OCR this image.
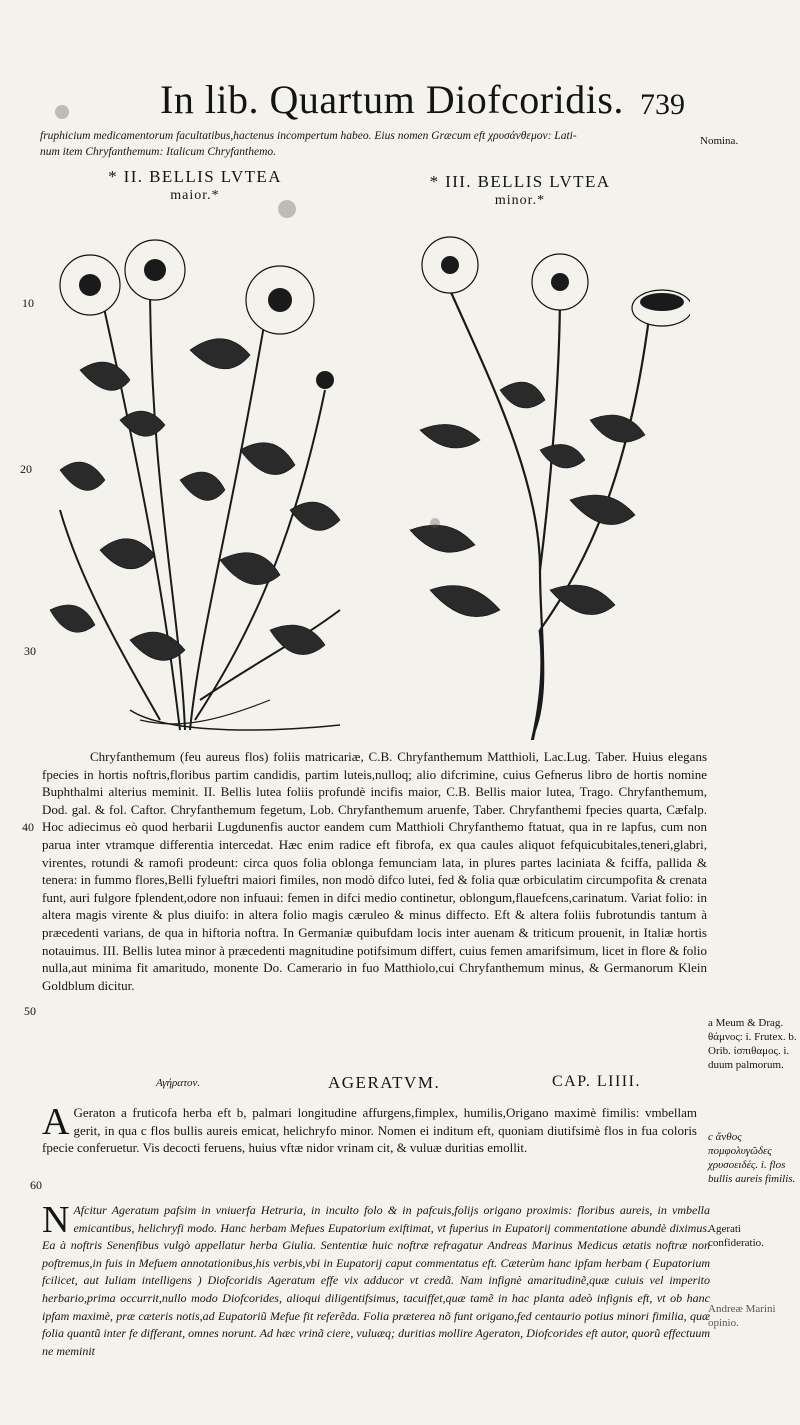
In lib. Quartum Diofcoridis. 739
Nomina.
fruphicium medicamentorum facultatibus,hactenus incompertum habeo. Eius nomen Græcum eft χρυσάνθεμον: Lati-
num item Chryfanthemum: Italicum Chryfanthemo.
* II. BELLIS LVTEA
maior.*
* III. BELLIS LVTEA
minor.*
10
20
30
40
50
60
Chryfanthemum (feu aureus flos) foliis matricariæ, C.B. Chryfanthemum Matthioli, Lac.Lug. Taber. Huius elegans fpecies in hortis noftris,floribus partim candidis, partim luteis,nulloq; alio difcrimine, cuius Gefnerus libro de hortis nomine Buphthalmi alterius meminit. II. Bellis lutea foliis profundè incifis maior, C.B. Bellis maior lutea, Trago. Chryfanthemum, Dod. gal. & fol. Caftor. Chryfanthemum fegetum, Lob. Chryfanthemum aruenfe, Taber. Chryfanthemi fpecies quarta, Cæfalp. Hoc adiecimus eò quod herbarii Lugdunenfis auctor eandem cum Matthioli Chryfanthemo ftatuat, qua in re lapfus, cum non parua inter vtramque differentia intercedat. Hæc enim radice eft fibrofa, ex qua caules aliquot fefquicubitales,teneri,glabri, virentes, rotundi & ramofi prodeunt: circa quos folia oblonga femunciam lata, in plures partes laciniata & fciffa, pallida & tenera: in fummo flores,Belli fylueftri maiori fimiles, non modò difco lutei, fed & folia quæ orbiculatim circumpofita & crenata funt, auri fulgore fplendent,odore non infuaui: femen in difci medio continetur, oblongum,flauefcens,carinatum. Variat folio: in altera magis virente & plus diuifo: in altera folio magis cæruleo & minus diffecto. Eft & altera foliis fubrotundis tantum à præcedenti varians, de qua in hiftoria noftra. In Germaniæ quibufdam locis inter auenam & triticum prouenit, in Italiæ hortis notauimus. III. Bellis lutea minor à præcedenti magnitudine potifsimum differt, cuius femen amarifsimum, licet in flore & folio nulla,aut minima fit amaritudo, monente Do. Camerario in fuo Matthiolo,cui Chryfanthemum minus, & Germanorum Klein Goldblum dicitur.
Αγήρατον.	AGERATVM.	CAP. LIIII.
A Geraton a fruticofa herba eft b, palmari longitudine affurgens,fimplex, humilis,Origano maximè fimilis: vmbellam gerit, in qua c flos bullis aureis emicat, helichryfo minor. Nomen ei inditum eft, quoniam diutifsimè flos in fua coloris fpecie conferuetur. Vis decocti feruens, huius vftæ nidor vrinam cit, & vuluæ duritias emollit.
N Afcitur Ageratum pafsim in vniuerfa Hetruria, in inculto folo & in pafcuis,folijs origano proximis: floribus aureis, in vmbella emicantibus, helichryfi modo. Hanc herbam Mefues Eupatorium exiftimat, vt fuperius in Eupatorij commentatione abundè diximus. Ea à noftris Senenfibus vulgò appellatur herba Giulia. Sententiæ huic noftræ refragatur Andreas Marinus Medicus ætatis noftræ non poftremus,in fuis in Mefuem annotationibus,his verbis,vbi in Eupatorij caput commentatus eft. Cæterùm hanc ipfam herbam ( Eupatorium fcilicet, aut Iuliam intelligens ) Diofcoridis Ageratum effe vix adducor vt credã. Nam infignè amaritudinẽ,quæ cuiuis vel imperito herbario,prima occurrit,nullo modo Diofcorides, alioqui diligentifsimus, tacuiffet,quæ tamẽ in hac planta adeò infignis eft, vt ob hanc ipfam maximè, præ cæteris notis,ad Eupatoriũ Mefue fit referẽda. Folia præterea nõ funt origano,fed centaurio potius minori fimilia, quæ folia quantũ inter fe differant, omnes norunt. Ad hæc vrinã ciere, vuluæq; duritias mollire Ageraton, Diofcorides eft autor, quorũ effectuum ne meminit
a Meum & Drag. θάμνος: i. Frutex. b. Orib. ἰσπιθαμος. i. duum palmorum.
c ἄνθος πομφολυγῶδες χρυσοειδές. i. flos bullis aureis fimilis.
Agerati confideratio.
Andreæ Marini opinio.
